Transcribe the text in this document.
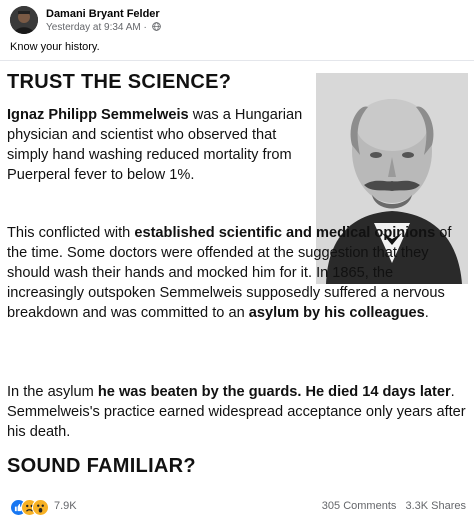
Damani Bryant Felder
Yesterday at 9:34 AM ·
Know your history.
TRUST THE SCIENCE?

Ignaz Philipp Semmelweis was a Hungarian physician and scientist who observed that simply hand washing reduced mortality from Puerperal fever to below 1%.

This conflicted with established scientific and medical opinions of the time. Some doctors were offended at the suggestion that they should wash their hands and mocked him for it. In 1865, the increasingly outspoken Semmelweis supposedly suffered a nervous breakdown and was committed to an asylum by his colleagues.

In the asylum he was beaten by the guards. He died 14 days later. Semmelweis's practice earned widespread acceptance only years after his death.

SOUND FAMILIAR?
7.9K	305 Comments 3.3K Shares
